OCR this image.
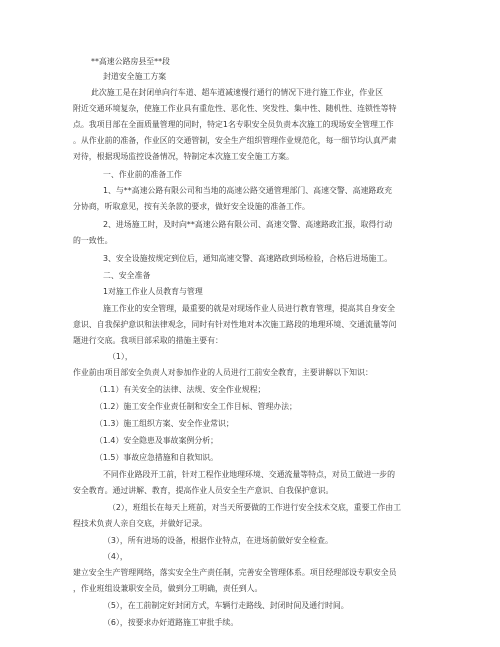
**高速公路房县至**段
封道安全施工方案
此次施工是在封闭单向行车道、超车道减速慢行通行的情况下进行施工作业，作业区
附近交通环境复杂，使施工作业具有重危性、恶化性、突发性、集中性、随机性、连锁性等特
点。我项目部在全面质量管理的同时，特定1名专职安全员负责本次施工的现场安全管理工作
。从作业前的准备，作业区的交通管制，安全生产组织管理作业规范化，每一细节均认真严肃
对待，根据现场监控设备情况，特制定本次施工安全施工方案。
一、作业前的准备工作
1、与**高速公路有限公司和当地的高速公路交通管理部门、高速交警、高速路政充
分协商，听取意见，按有关条款的要求，做好安全设施的准备工作。
2、进场施工时，及时向**高速公路有限公司、高速交警、高速路政汇报，取得行动
的一致性。
3、安全设施按规定到位后，通知高速交警、高速路政到场检验，合格后进场施工。
二、安全准备
1对施工作业人员教育与管理
施工作业的安全管理，最重要的就是对现场作业人员进行教育管理，提高其自身安全
意识、自我保护意识和法律观念，同时有针对性地对本次施工路段的地理环境、交通流量等问
题进行交底。我项目部采取的措施主要有：
（1），
作业前由项目部安全负责人对参加作业的人员进行工前安全教育，主要讲解以下知识：
（1.1）有关安全的法律、法规、安全作业规程；
（1.2）施工安全作业责任制和安全工作目标、管理办法；
（1.3）施工组织方案、安全作业常识；
（1.4）安全隐患及事故案例分析；
（1.5）事故应急措施和自救知识。
不同作业路段开工前，针对工程作业地理环境、交通流量等特点，对员工做进一步的
安全教育。通过讲解、教育，提高作业人员安全生产意识、自我保护意识。
（2），班组长在每天上班前，对当天所要做的工作进行安全技术交底，重要工作由工
程技术负责人亲自交底，并做好记录。
（3），所有进场的设备，根据作业特点，在进场前做好安全检查。
（4），
建立安全生产管理网络，落实安全生产责任制，完善安全管理体系。项目经理部设专职安全员
，作业班组设兼职安全员，做到分工明确，责任到人。
（5），在工前制定好封闭方式，车辆行走路线、封闭时间及通行时间。
（6），按要求办好道路施工审批手续。
